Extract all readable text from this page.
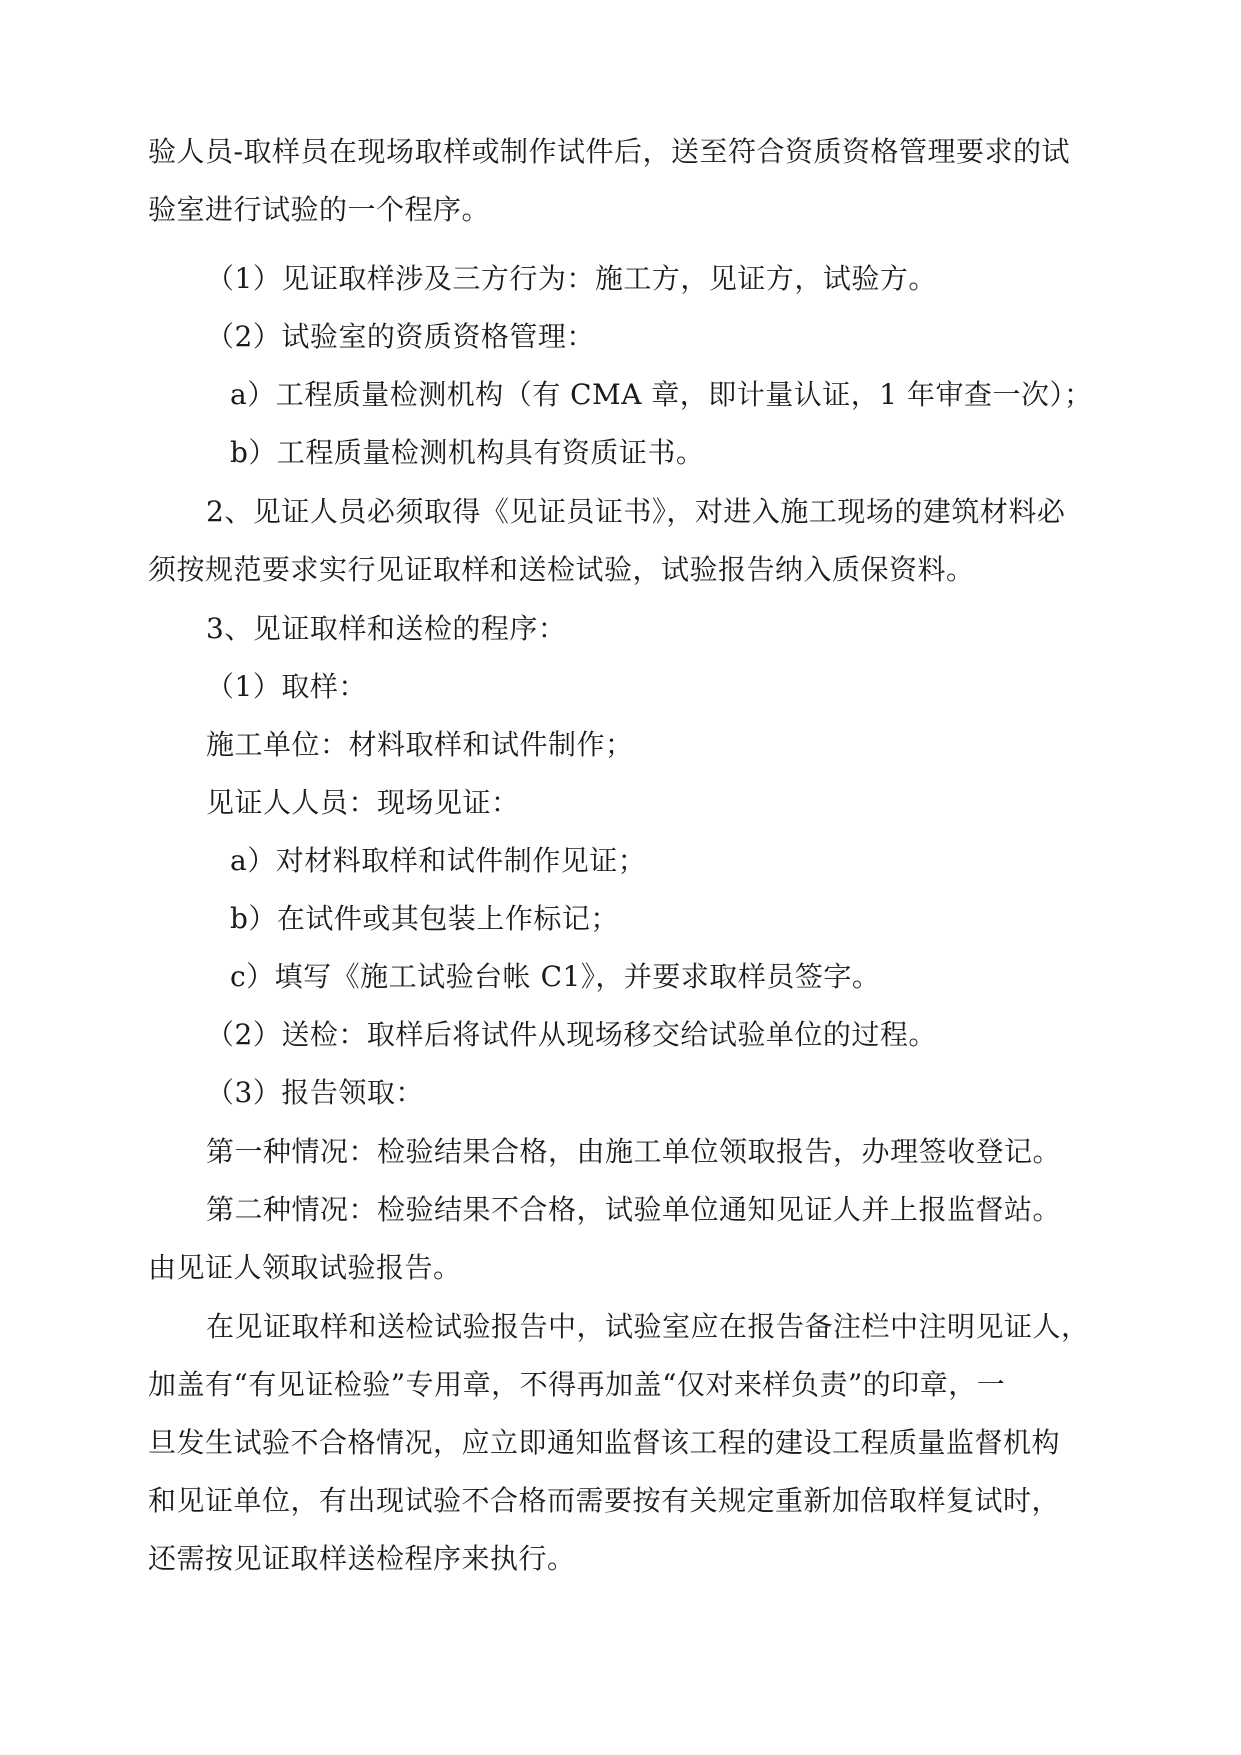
验人员-取样员在现场取样或制作试件后，送至符合资质资格管理要求的试
验室进行试验的一个程序。
（1）见证取样涉及三方行为：施工方，见证方，试验方。
（2）试验室的资质资格管理：
a）工程质量检测机构（有 CMA 章，即计量认证，1 年审查一次）；
b）工程质量检测机构具有资质证书。
2、见证人员必须取得《见证员证书》，对进入施工现场的建筑材料必
须按规范要求实行见证取样和送检试验，试验报告纳入质保资料。
3、见证取样和送检的程序：
（1）取样：
施工单位：材料取样和试件制作；
见证人人员：现场见证：
a）对材料取样和试件制作见证；
b）在试件或其包装上作标记；
c）填写《施工试验台帐 C1》，并要求取样员签字。
（2）送检：取样后将试件从现场移交给试验单位的过程。
（3）报告领取：
第一种情况：检验结果合格，由施工单位领取报告，办理签收登记。
第二种情况：检验结果不合格，试验单位通知见证人并上报监督站。
由见证人领取试验报告。
在见证取样和送检试验报告中，试验室应在报告备注栏中注明见证人，
加盖有“有见证检验”专用章，不得再加盖“仅对来样负责”的印章，一
旦发生试验不合格情况，应立即通知监督该工程的建设工程质量监督机构
和见证单位，有出现试验不合格而需要按有关规定重新加倍取样复试时，
还需按见证取样送检程序来执行。
